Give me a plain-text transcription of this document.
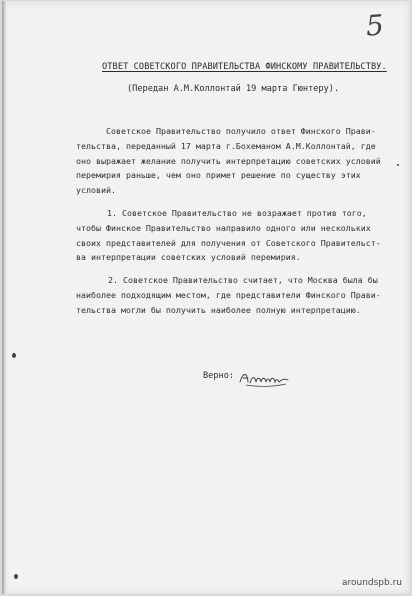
5
ОТВЕТ СОВЕТСКОГО ПРАВИТЕЛЬСТВА ФИНСКОМУ ПРАВИТЕЛЬСТВУ.
(Передан А.М.Коллонтай 19 марта Гюнтеру).
Советское Правительство получило ответ Финского Прави-
тельства, переданный 17 марта г.Бохеманом А.М.Коллонтай, где
оно выражает желание получить интерпретацию советских условий
перемирия раньше, чем оно примет решение по существу этих
условий.
1. Советское Правительство не возражает против того,
чтобы Финское Правительство направило одного или нескольких
своих представителей для получения от Советского Правительст-
ва интерпретации советских условий перемирия.
2. Советское Правительство считает, что Москва была бы
наиболее подходящим местом, где представители Финского Прави-
тельства могли бы получить наиболее полную интерпретацию.
Верно:
aroundspb.ru
